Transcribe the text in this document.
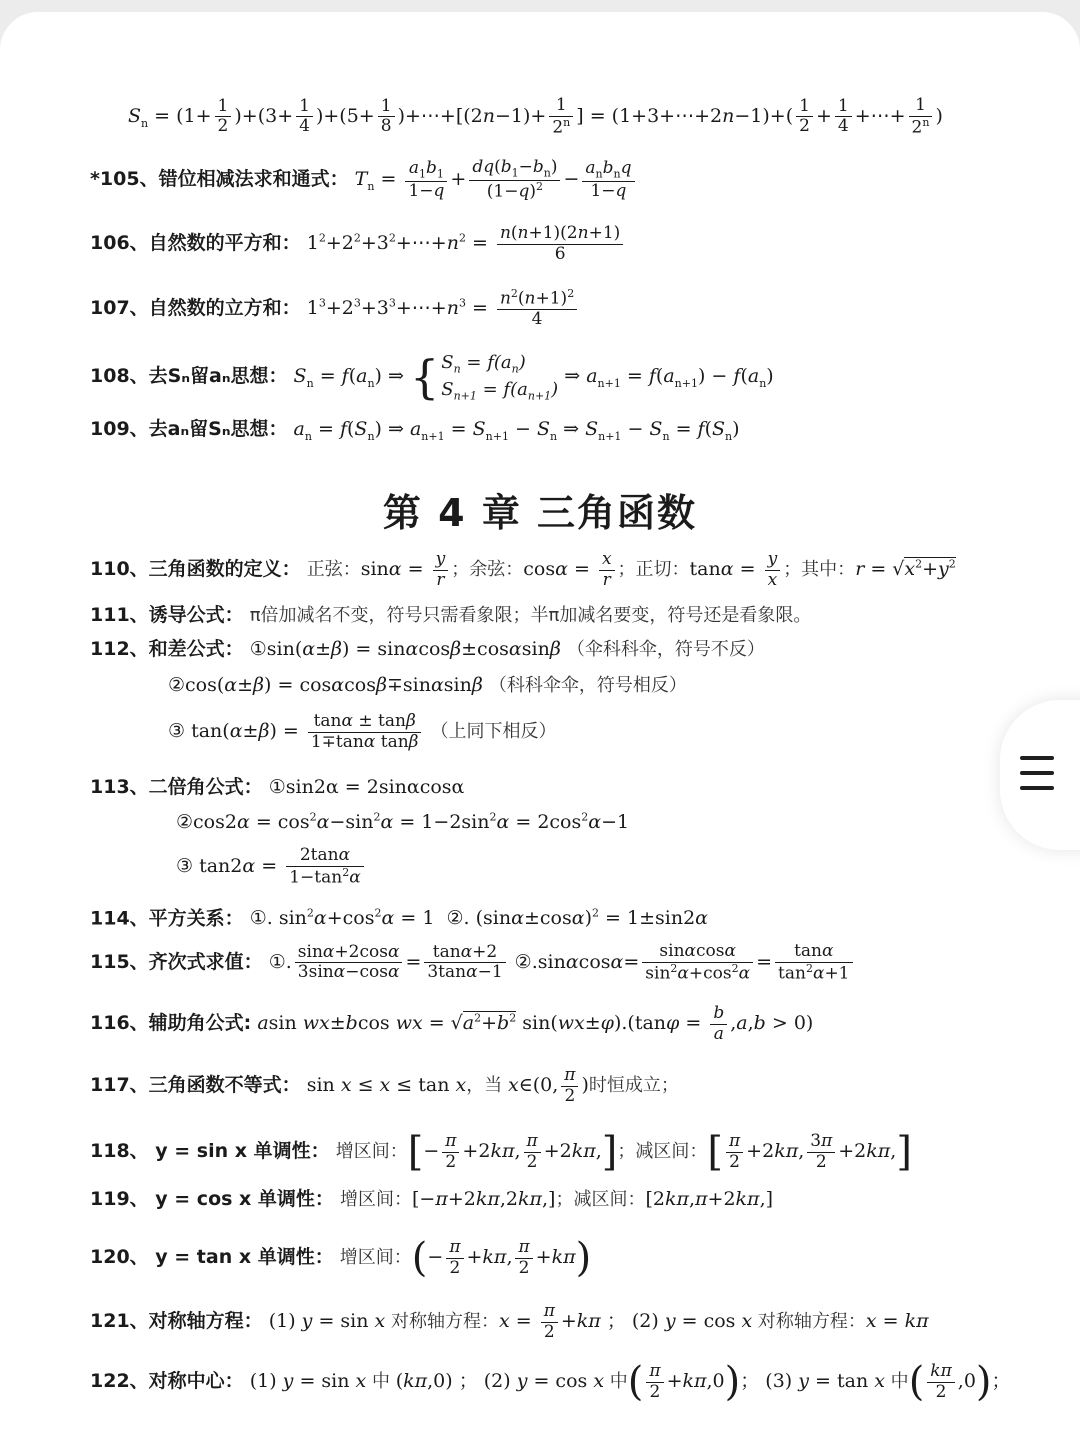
$S_n = (1+ \frac{1}{2} )+(3+ \frac{1}{4} )+(5+ \frac{1}{8}$ )+⋯+[(2n−1)+ $\frac{1}{2^n}$ ] = (1+3+⋯+2n−1)+( $\frac{1}{2} + \frac{1}{4}$ +⋯+ $\frac{1}{2^n}$ )
*105、错位相减法求和通式： $T_n = \frac{a_1b_1}{1-q} + \frac{dq(b_1-b_n)}{(1-q)^2} - \frac{a_nb_nq}{1-q}$
106、自然数的平方和： $1^2+2^2+3^2+\cdots+n^2 = \frac{n(n+1)(2n+1)}{6}$
107、自然数的立方和： $1^3+2^3+3^3+\cdots+n^3 = \frac{n^2(n+1)^2}{4}$
108、去Sₙ留aₙ思想： $S_n = f(a_n)$ ⇒ { $S_n = f(a_n)$
$S_{n+1} = f(a_{n+1})$
⇒ $a_{n+1} = f(a_{n+1}) - f(a_n)$
109、去aₙ留Sₙ思想： $a_n = f(S_n)$ ⇒ $a_{n+1} = S_{n+1} - S_n$ ⇒ $S_{n+1} - S_n = f(S_n)$
第 4 章 三角函数
110、三角函数的定义： 正弦：$\sin\alpha = \frac{y}{r}$ ；余弦：$\cos\alpha = \frac{x}{r}$ ；正切：$\tan\alpha = \frac{y}{x}$ ；其中：$r = √x^2+y^2$
111、诱导公式： π倍加减名不变，符号只需看象限；半π加减名要变，符号还是看象限。
112、和差公式： ①sin(α±β) = sinαcosβ±cosαsinβ （伞科科伞，符号不反）
②cos(α±β) = cosαcosβ∓sinαsinβ （科科伞伞，符号相反）
③ $\tan(\alpha\pm\beta) = \frac{\tan\alpha \pm \tan\beta}{\text{1∓tanα tanβ}}$ （上同下相反）
113、二倍角公式： ①sin2α = 2sinαcosα
②cos2α = $\cos^2\alpha-\sin^2\alpha = 1-2\sin^2\alpha = 2\cos^2\alpha-1$
③ $\tan 2\alpha = \frac{2\tan\alpha}{1-\tan^2\alpha}$
114、平方关系： ①. $\sin^2\alpha+\cos^2\alpha = 1$  ②. $(\sin\alpha\pm\cos\alpha)^2 = 1\pm\sin 2\alpha$
115、齐次式求值： ①. $\frac{\sin\alpha+2\cos\alpha}{3\sin\alpha-\cos\alpha} = \frac{\tan\alpha+2}{3\tan\alpha-1}$ ②.sinαcosα= $\frac{\sin\alpha\cos\alpha}{\sin^2\alpha+\cos^2\alpha} = \frac{\tan\alpha}{\tan^2\alpha+1}$
116、辅助角公式: asin wx±bcos wx = $√a^2+b^2$ $\sin(wx\pm\varphi).(\tan\varphi = \frac{b}{a} ,a,b > 0)$
117、三角函数不等式： sin x ≤ x ≤ tan x，当 x∈(0, $\frac{\pi}{2}$ )时恒成立；
118、 y = sin x 单调性： 增区间：[− $\frac{\pi}{2} +2k\pi$, $\frac{\pi}{2} +2k\pi$,]；减区间：[ $\frac{\pi}{2} +2k\pi$, $\frac{3\pi}{2} +2k\pi$,]
119、 y = cos x 单调性： 增区间：[−π+2kπ,2kπ,]；减区间：[2kπ,π+2kπ,]
120、 y = tan x 单调性： 增区间：(− $\frac{\pi}{2} +k\pi$, $\frac{\pi}{2} +k\pi$)
121、对称轴方程： (1) y = sin x 对称轴方程：$x = \frac{\pi}{2} +k\pi$ ； (2) y = cos x 对称轴方程：x = kπ
122、对称中心： (1) y = sin x 中 (kπ,0) ； (2) y = cos x 中( $\frac{\pi}{2} +k\pi,0$)； (3) y = tan x 中( $\frac{k\pi}{2} ,0$)；
